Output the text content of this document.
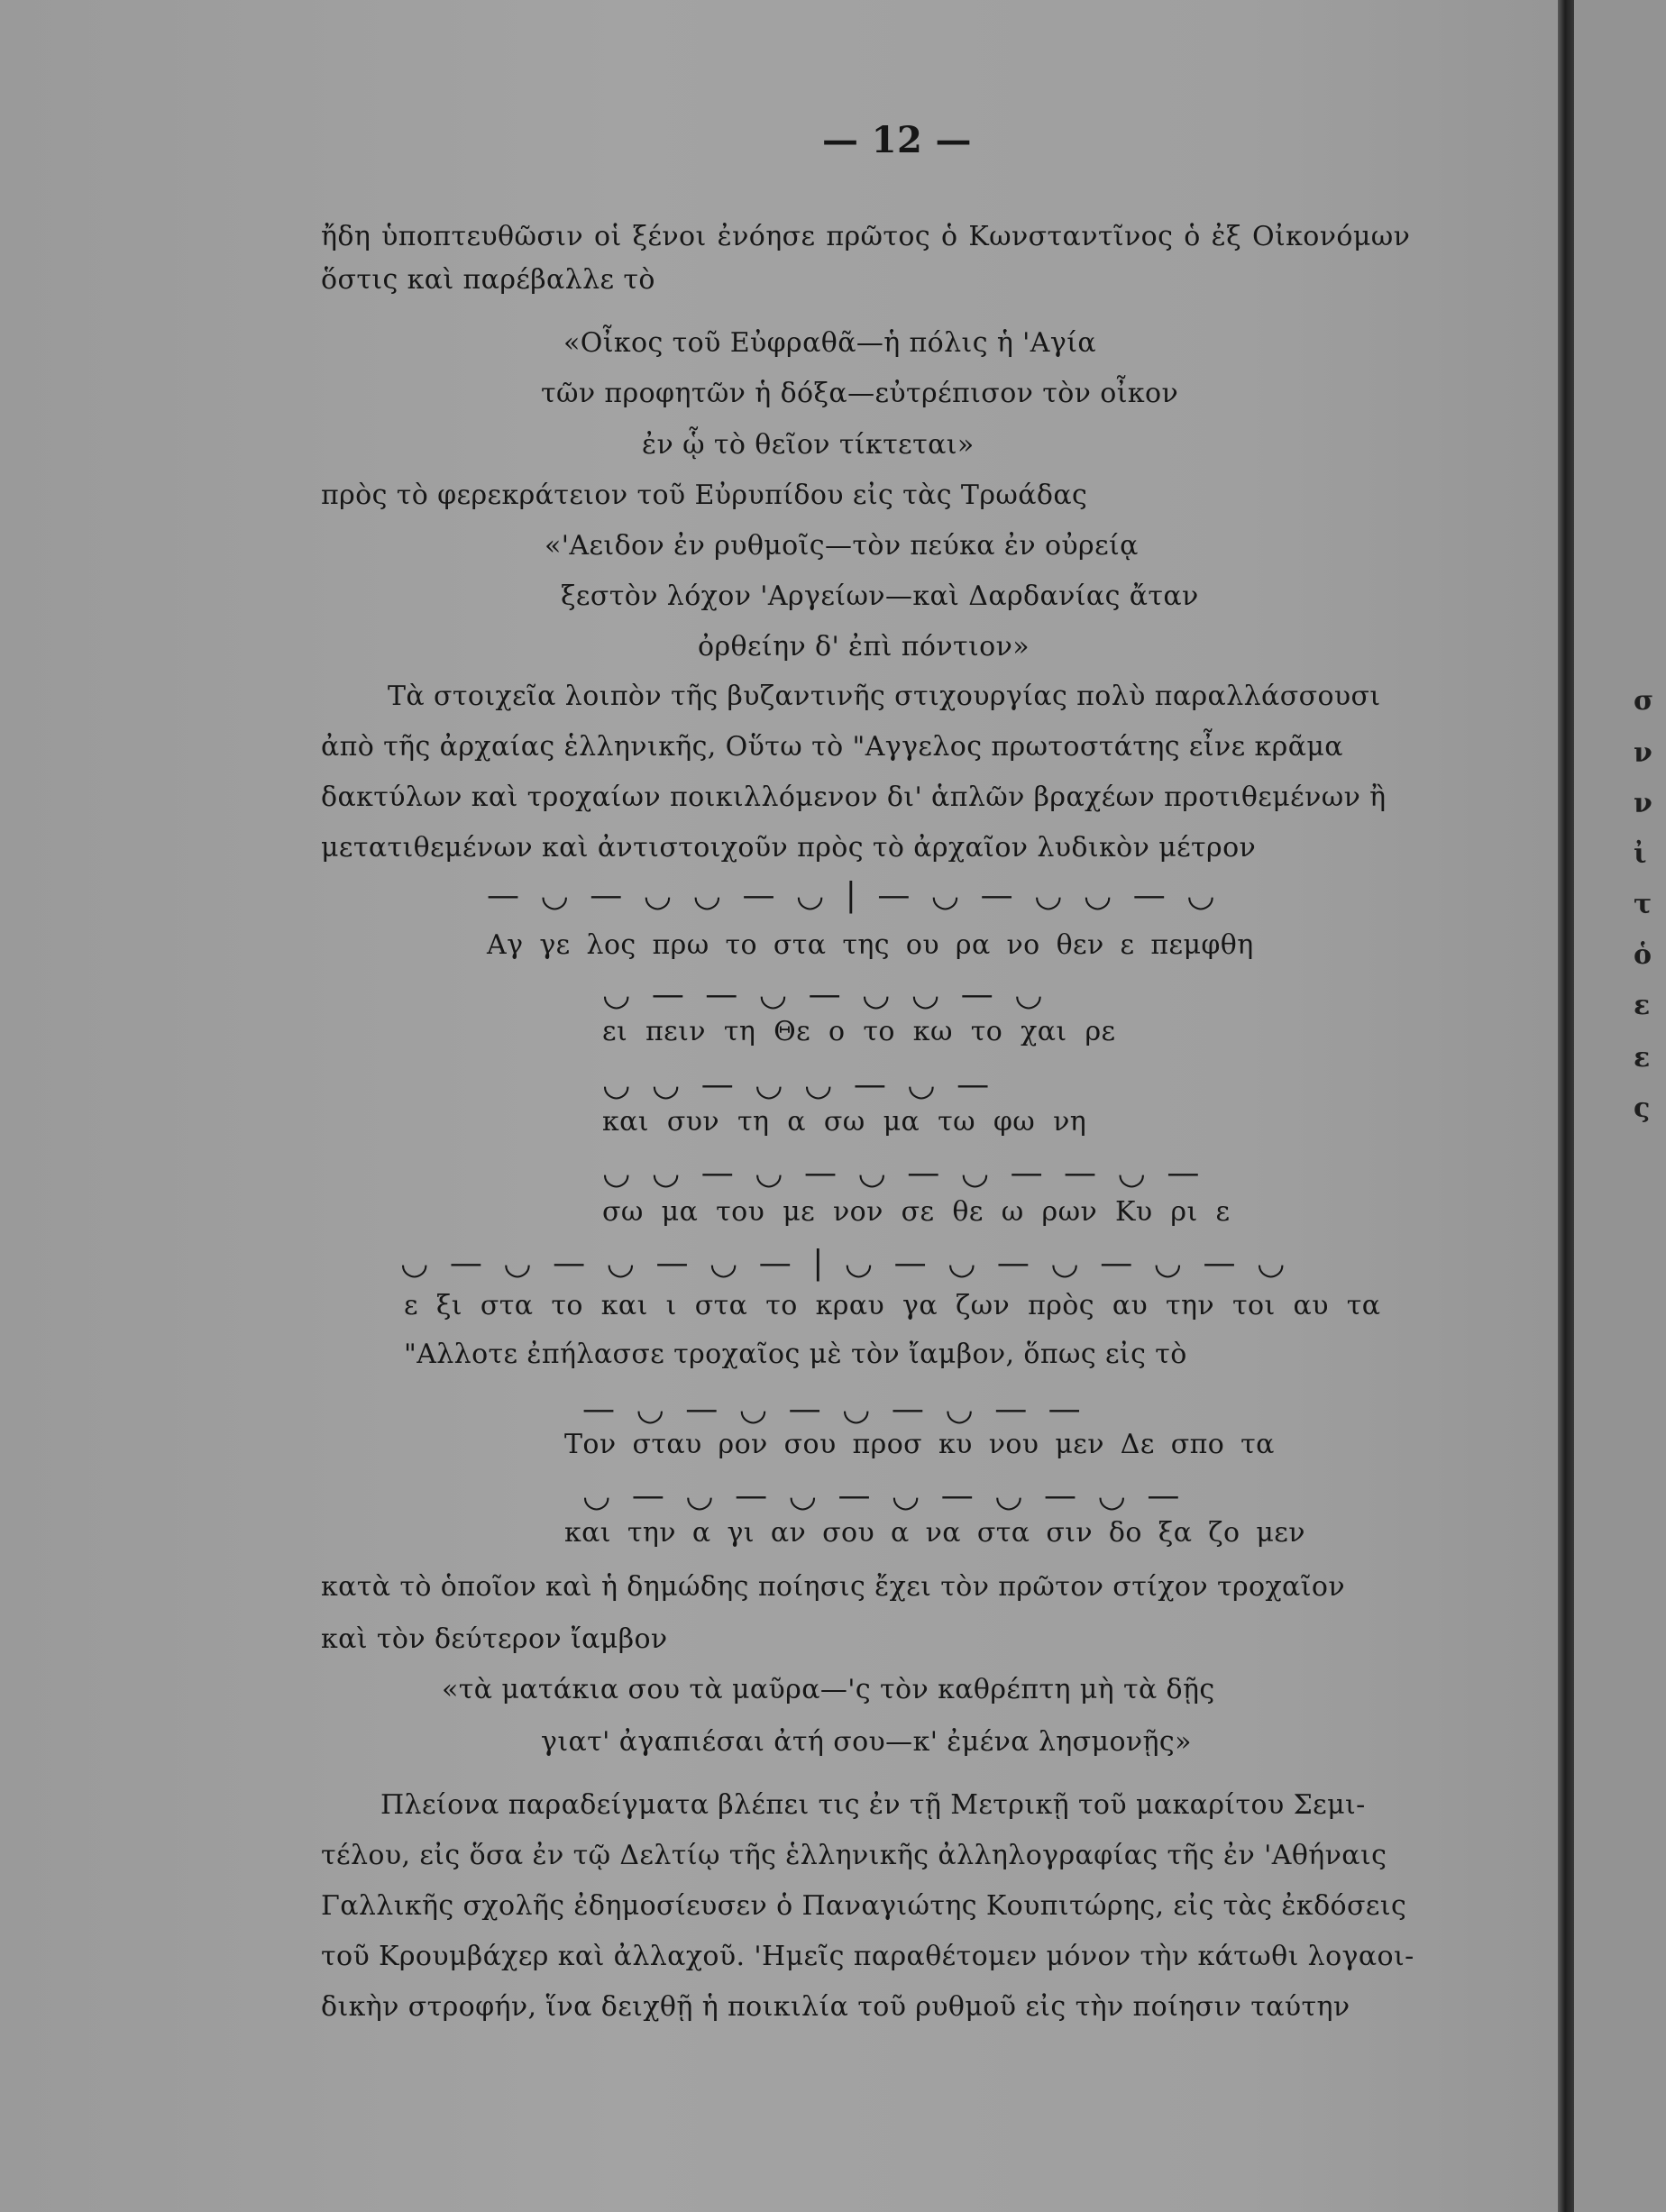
— 12 —
ἤδη ὑποπτευθῶσιν οἱ ξένοι ἐνόησε πρῶτος ὁ Κωνσταντῖνος ὁ ἐξ Οἰκονόμων
ὅστις καὶ παρέβαλλε τὸ
«Οἶκος τοῦ Εὐφραθᾶ—ἡ πόλις ἡ 'Αγία
τῶν προφητῶν ἡ δόξα—εὐτρέπισον τὸν οἶκον
ἐν ᾧ τὸ θεῖον τίκτεται»
πρὸς τὸ φερεκράτειον τοῦ Εὐρυπίδου εἰς τὰς Τρωάδας
«'Αειδον ἐν ρυθμοῖς—τὸν πεύκα ἐν οὐρείᾳ
ξεστὸν λόχον 'Αργείων—καὶ Δαρδανίας ἄταν
ὀρθείην δ' ἐπὶ πόντιον»
Τὰ στοιχεῖα λοιπὸν τῆς βυζαντινῆς στιχουργίας πολὺ παραλλάσσουσι
ἀπὸ τῆς ἀρχαίας ἑλληνικῆς, Οὕτω τὸ "Αγγελος πρωτοστάτης εἶνε κρᾶμα
δακτύλων καὶ τροχαίων ποικιλλόμενον δι' ἁπλῶν βραχέων προτιθεμένων ἢ
μετατιθεμένων καὶ ἀντιστοιχοῦν πρὸς τὸ ἀρχαῖον λυδικὸν μέτρον
— ◡ — ◡ ◡ — ◡ | — ◡ — ◡ ◡ — ◡
Αγ γε λος πρω το στα της ου ρα νο θεν ε πεμφθη
◡ — — ◡ — ◡ ◡ — ◡
ει πειν τη Θε ο το κω το χαι ρε
◡ ◡ — ◡ ◡ — ◡ —
και συν τη α σω μα τω φω νη
◡ ◡ — ◡ — ◡ — ◡ — — ◡ —
σω μα του με νον σε θε ω ρων Κυ ρι ε
◡ — ◡ — ◡ — ◡ — | ◡ — ◡ — ◡ — ◡ — ◡
ε ξι στα το και ι στα το κραυ γα ζων πρὸς αυ την τοι αυ τα
"Αλλοτε ἐπήλασσε τροχαῖος μὲ τὸν ἴαμβον, ὅπως εἰς τὸ
— ◡ — ◡ — ◡ — ◡ — —
Τον σταυ ρον σου προσ κυ νου μεν Δε σπο τα
◡ — ◡ — ◡ — ◡ — ◡ — ◡ —
και την α γι αν σου α να στα σιν δο ξα ζο μεν
κατὰ τὸ ὁποῖον καὶ ἡ δημώδης ποίησις ἔχει τὸν πρῶτον στίχον τροχαῖον
καὶ τὸν δεύτερον ἴαμβον
«τὰ ματάκια σου τὰ μαῦρα—'ς τὸν καθρέπτη μὴ τὰ δῇς
γιατ' ἀγαπιέσαι ἀτή σου—κ' ἐμένα λησμονῇς»
Πλείονα παραδείγματα βλέπει τις ἐν τῇ Μετρικῇ τοῦ μακαρίτου Σεμι-
τέλου, εἰς ὅσα ἐν τῷ Δελτίῳ τῆς ἑλληνικῆς ἀλληλογραφίας τῆς ἐν 'Αθήναις
Γαλλικῆς σχολῆς ἐδημοσίευσεν ὁ Παναγιώτης Κουπιτώρης, εἰς τὰς ἐκδόσεις
τοῦ Κρουμβάχερ καὶ ἀλλαχοῦ. 'Ημεῖς παραθέτομεν μόνον τὴν κάτωθι λογαοι-
δικὴν στροφήν, ἵνα δειχθῇ ἡ ποικιλία τοῦ ρυθμοῦ εἰς τὴν ποίησιν ταύτην
σ
ν
ν
ἰ
τ
ὁ
ε
ε
ς
